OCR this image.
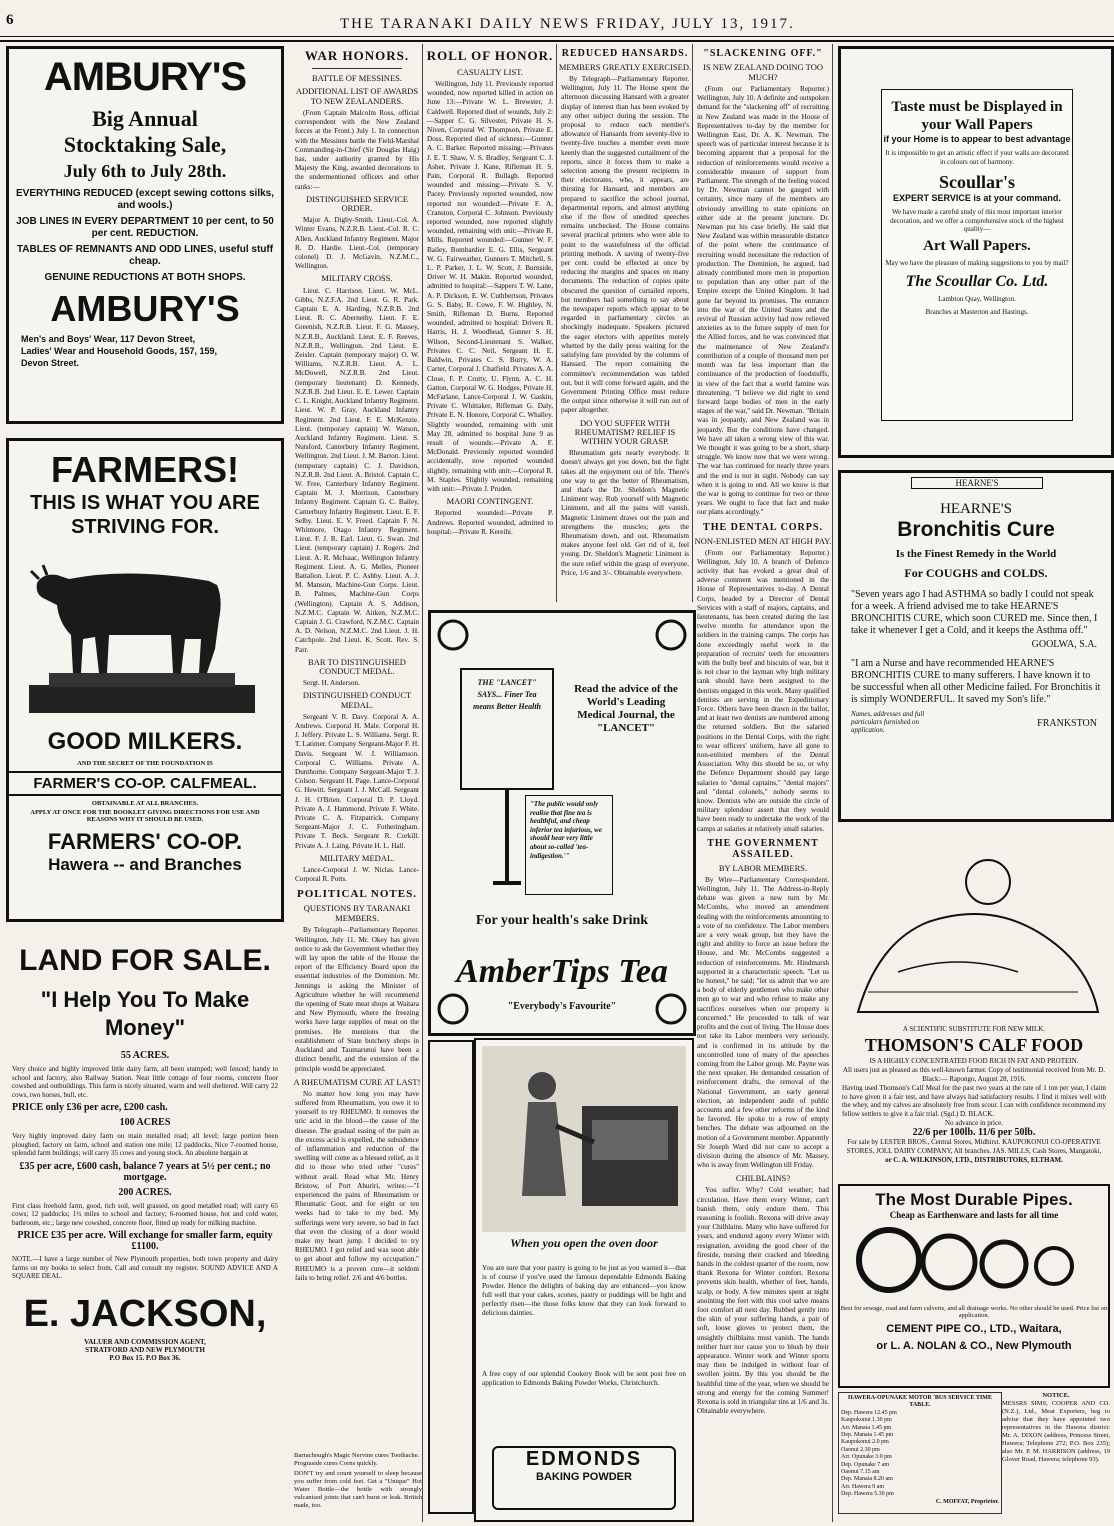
6	THE TARANAKI DAILY NEWS FRIDAY, JULY 13, 1917.
AMBURY'S
Big Annual
Stocktaking Sale,
July 6th to July 28th.
EVERYTHING REDUCED (except sewing cottons silks, and wools.)
JOB LINES IN EVERY DEPARTMENT 10 per cent, to 50 per cent. REDUCTION.
TABLES OF REMNANTS AND ODD LINES, useful stuff cheap.
GENUINE REDUCTIONS AT BOTH SHOPS.
AMBURY'S
Men's and Boys' Wear, 117 Devon Street,
Ladies' Wear and Household Goods, 157, 159,
Devon Street.
FARMERS!
THIS IS WHAT YOU ARE
STRIVING FOR.
GOOD MILKERS.
AND THE SECRET OF THE FOUNDATION IS
FARMER'S CO-OP. CALFMEAL.
OBTAINABLE AT ALL BRANCHES.
APPLY AT ONCE FOR THE BOOKLET GIVING DIRECTIONS FOR USE AND REASONS WHY IT SHOULD BE USED.
FARMERS' CO-OP.
Hawera -- and Branches
LAND FOR SALE.
"I Help You To Make Money"
55 ACRES.
Very choice and highly improved little dairy farm, all been stumped; well fenced; handy to school and factory, also Railway Station. Neat little cottage of four rooms, concrete floor cowshed and outbuildings. This farm is nicely situated, warm and well sheltered. Will carry 22 cows, two horses, bull, etc.
PRICE only £36 per acre, £200 cash.
100 ACRES
Very highly improved dairy farm on main metalled road; all level; large portion been ploughed; factory on farm, school and station one mile; 12 paddocks, Nice 7-roomed house, splendid farm buildings; will carry 35 cows and young stock. An absolute bargain at
£35 per acre, £600 cash, balance 7 years at 5½ per cent.; no mortgage.
200 ACRES.
First class freehold farm, good, rich soil, well grassed, on good metalled road; will carry 65 cows; 12 paddocks; 1½ miles to school and factory; 6-roomed house, hot and cold water, bathroom, etc.; large new cowshed, concrete floor, fitted up ready for milking machine.
PRICE £35 per acre. Will exchange for smaller farm, equity £1100.
NOTE.—I have a large number of New Plymouth properties, both town property and dairy farms on my books to select from. Call and consult my register. SOUND ADVICE AND A SQUARE DEAL.
E. JACKSON,
VALUER AND COMMISSION AGENT,
STRATFORD AND NEW PLYMOUTH
P.O Box 15. P.O Box 36.
WAR HONORS.
BATTLE OF MESSINES.
ADDITIONAL LIST OF AWARDS TO NEW ZEALANDERS.

(From Captain Malcolm Ross, official correspondent with the New Zealand forces at the Front.) July 1. In connection with the Messines battle the Field-Marshal Commanding-in-Chief (Sir Douglas Haig) has, under authority granted by His Majesty the King, awarded decorations to the undermentioned officers and other ranks:—

DISTINGUISHED SERVICE ORDER.

Major A. Digby-Smith. Lieut.-Col. A. Winter Evans, N.Z.R.B. Lieut.-Col. R. C. Allen, Auckland Infantry Regiment. Major R. D. Hardie. Lieut.-Col. (temporary colonel) D. J. McGavin, N.Z.M.C., Wellington.

MILITARY CROSS.

Lieut. C. Harrison. Lieut. W. McL. Gibbs, N.Z.F.A. 2nd Lieut. G. R. Park. Captain E. A. Harding, N.Z.R.B. 2nd Lieut. R. C. Abernethy. Lieut. F. E. Greenish, N.Z.R.B. Lieut. F. G. Massey, N.Z.R.B., Auckland. Lieut. E. F. Reeves, N.Z.R.B., Wellington. 2nd Lieut. E. Zeisler. Captain (temporary major) O. W. Williams, N.Z.R.B. Lieut. A. L. McDowell, N.Z.R.B. 2nd Lieut. (temporary lieutenant) D. Kennedy, N.Z.R.B. 2nd Lieut. E. E. Lewer. Captain C. L. Knight, Auckland Infantry Regiment. Lieut. W. P. Gray, Auckland Infantry Regiment. 2nd Lieut. F. E. McKenzie. Lieut. (temporary captain) W. Watson, Auckland Infantry Regiment. Lieut. S. Nutsford, Canterbury Infantry Regiment, Wellington. 2nd Lieut. J. M. Barton. Lieut. (temporary captain) C. J. Davidson, N.Z.R.B. 2nd Lieut. A. Bristol. Captain C. W. Free, Canterbury Infantry Regiment. Captain M. J. Morrison, Canterbury Infantry Regiment. Captain G. C. Bailey, Canterbury Infantry Regiment. Lieut. E. F. Selby. Lieut. E. V. Freed. Captain F. N. Whitmore, Otago Infantry Regiment. Lieut. F. J. R. Earl. Lieut. G. Swan. 2nd Lieut. (temporary captain) J. Rogers. 2nd Lieut. A. R. McIsaac, Wellington Infantry Regiment. Lieut. A. G. Melles, Pioneer Battalion. Lieut. P. C. Ashby. Lieut. A. J. M. Manson, Machine-Gun Corps. Lieut. B. Palmes, Machine-Gun Corps (Wellington). Captain A. S. Addison, N.Z.M.C. Captain W. Aitken, N.Z.M.C. Captain J. G. Crawford, N.Z.M.C. Captain A. D. Nelson, N.Z.M.C. 2nd Lieut. J. H. Catchpole. 2nd Lieut. K. Scott. Rev. S. Parr.

BAR TO DISTINGUISHED CONDUCT MEDAL.

Sergt. H. Anderson.

DISTINGUISHED CONDUCT MEDAL.

Sergeant V. R. Davy. Corporal A. A. Andrews. Corporal H. Male. Corporal H. J. Jeffery. Private L. S. Williams. Sergt. R. T. Latimer. Company Sergeant-Major F. H. Davis. Sergeant W. J. Williamson. Corporal C. Williams. Private A. Dunthorne. Company Sergeant-Major T. J. Colson. Sergeant H. Page. Lance-Corporal G. Hewitt. Sergeant J. J. McCall. Sergeant J. H. O'Brien. Corporal D. P. Lloyd. Private A. J. Hammond. Private F. White. Private C. A. Fitzpatrick. Company Sergeant-Major J. C. Fotheringham. Private T. Beck. Sergeant R. Corkill. Private A. J. Laing. Private H. L. Hall.

MILITARY MEDAL.

Lance-Corporal J. W. Niclas. Lance-Corporal R. Potts.

POLITICAL NOTES.
QUESTIONS BY TARANAKI MEMBERS.

By Telegraph—Parliamentary Reporter. Wellington, July 11. Mr. Okey has given notice to ask the Government whether they will lay upon the table of the House the report of the Efficiency Board upon the essential industries of the Dominion. Mr. Jennings is asking the Minister of Agriculture whether he will recommend the opening of State meat shops at Waitara and New Plymouth, where the freezing works have large supplies of meat on the premises. He mentions that the establishment of State butchery shops in Auckland and Taumarunui have been a distinct benefit, and the extension of the principle would be appreciated.

A RHEUMATISM CURE AT LAST!

No matter how long you may have suffered from Rheumatism, you owe it to yourself to try RHEUMO. It removes the uric acid in the blood—the cause of the disease. The gradual easing of the pain as the excess acid is expelled, the subsidence of inflammation and reduction of the swelling will come as a blessed relief, as it did to those who tried other "cures" without avail. Read what Mr. Henry Bristow, of Port Ahuriri, writes:—"I experienced the pains of Rheumatism or Rheumatic Gout, and for eight or ten weeks had to take to my bed. My sufferings were very severe, so bad in fact that even the closing of a door would make my heart jump. I decided to try RHEUMO. I got relief and was soon able to get about and follow my occupation." RHEUMO is a proven cure—it seldom fails to bring relief. 2/6 and 4/6 bottles.

ROLL OF HONOR.
CASUALTY LIST.

Wellington, July 11. Previously reported wounded, now reported killed in action on June 13:—Private W. L. Brewster, J. Caldwell. Reported died of wounds, July 2:—Sapper C. G. Silvester, Private H. S. Niven, Corporal W. Thompson, Private E. Doss. Reported died of sickness:—Gunner A. C. Barker. Reported missing:—Privates J. E. T. Shaw, V. S. Bradley, Sergeant C. J. Asher, Private J. Kane, Rifleman H. S. Pain, Corporal R. Bullagh. Reported wounded and missing:—Private S. V. Pacey. Previously reported wounded, now reported not wounded:—Private F. A. Cranston, Corporal C. Johnson. Previously reported wounded, now reported slightly wounded, remaining with unit:—Private R. Mills. Reported wounded:—Gunner W. F. Bailey, Bombardier E. G. Ellis, Sergeant W. G. Fairweather, Gunners T. Mitchell, S. L. P. Parker, J. L. W. Scott, J. Burnside, Driver W. H. Makin. Reported wounded, admitted to hospital:—Sappers T. W. Lane, A. P. Dickson, E. W. Cuthbertson, Privates G. S. Baby, R. Cowe, F. W. Highley, N. Smith, Rifleman D. Burns. Reported wounded, admitted to hospital: Drivers R. Harris, H. J. Woodhead, Gunner S. H. Wilson, Second-Lieutenant S. Walker, Privates C. C. Neil, Sergeant H. E. Baldwin, Privates C. S. Burry, W. A. Carter, Corporal J. Chatfield. Privates A. A. Close, F. P. Crotty, U. Flynn, A. C. H. Gatton, Corporal W. G. Hodges, Private H. McFarlane, Lance-Corporal J. W. Gaskin, Private C. Whittaker, Rifleman G. Daly, Private E. N. Honore, Corporal C. Whalley. Slightly wounded, remaining with unit May 28, admitted to hospital June 9 as result of wounds:—Private A. F. McDonald. Previously reported wounded accidentally, now reported wounded slightly, remaining with unit:—Corporal R. M. Staples. Slightly wounded, remaining with unit:—Private J. Pruden.

MAORI CONTINGENT.

Reported wounded:—Private P. Andrews. Reported wounded, admitted to hospital:—Private R. Kereihi.

REDUCED HANSARDS.
MEMBERS GREATLY EXERCISED.

By Telegraph—Parliamentary Reporter. Wellington, July 11. The House spent the afternoon discussing Hansard with a greater display of interest than has been evoked by any other subject during the session. The proposal to reduce each member's allowance of Hansards from seventy-five to twenty-five touches a member even more keenly than the suggested curtailment of the reports, since it forces them to make a selection among the present recipients in their electorates, who, it appears, are thirsting for Hansard, and members are prepared to sacrifice the school journal, departmental reports, and almost anything else if the flow of unedited speeches remains unchecked. The House contains several practical printers who were able to point to the wastefulness of the official printing methods. A saving of twenty-five per cent. could be effected at once by reducing the margins and spaces on many documents. The reduction of copies quite obscured the question of curtailed reports, but members had something to say about the newspaper reports which appear to be regarded in parliamentary circles as shockingly inadequate. Speakers pictured the eager electors with appetites merely whetted by the daily press waiting for the satisfying fare provided by the columns of Hansard. The report containing the committee's recommendation was tabled out, but it will come forward again, and the Government Printing Office must reduce the output since otherwise it will run out of paper altogether.

DO YOU SUFFER WITH RHEUMATISM? RELIEF IS WITHIN YOUR GRASP.

Rheumatism gets nearly everybody. It doesn't always get you down, but the fight takes all the enjoyment out of life. There's one way to get the better of Rheumatism, and that's the Dr. Sheldon's Magnetic Liniment way. Rub yourself with Magnetic Liniment, and all the pains will vanish. Magnetic Liniment draws out the pain and strengthens the muscles; gets the Rheumatism down, and out. Rheumatism makes anyone feel old. Get rid of it, feel young. Dr. Sheldon's Magnetic Liniment is the sure relief within the grasp of everyone. Price, 1/6 and 3/-. Obtainable everywhere.

THE "LANCET" SAYS... Finer Tea means Better Health
Read the advice of the World's Leading Medical Journal, the "LANCET"
"The public would only realise that fine tea is healthful, and cheap inferior tea injurious, we should hear very little about so-called 'tea-indigestion.'"
For your health's sake Drink
AmberTips Tea
"Everybody's Favourite"
When you open the oven door
You are sure that your pastry is going to be just as you wanted it—that is of course if you've used the famous dependable Edmonds Baking Powder. Hence the delights of baking day are enhanced—you know full well that your cakes, scones, pastry or puddings will be light and perfectly risen—the those folks know that they can look forward to delicious dainties.
A free copy of our splendid Cookery Book will be sent post free on application to Edmonds Baking Powder Works, Christchurch.
EDMONDS
BAKING POWDER
"SLACKENING OFF."
IS NEW ZEALAND DOING TOO MUCH?

(From our Parliamentary Reporter.) Wellington, July 10. A definite and outspoken demand for the "slackening off" of recruiting in New Zealand was made in the House of Representatives to-day by the member for Wellington East, Dr. A. K. Newman. The speech was of particular interest because it is becoming apparent that a proposal for the reduction of reinforcements would receive a considerable measure of support from Parliament. The strength of the feeling voiced by Dr. Newman cannot be gauged with certainty, since many of the members are obviously unwilling to state opinions on either side at the present juncture. Dr. Newman put his case briefly. He said that New Zealand was within measurable distance of the point where the continuance of recruiting would necessitate the reduction of production. The Dominion, he argued, had already contributed more men in proportion to population than any other part of the Empire except the United Kingdom. It had gone far beyond its promises. The entrance into the war of the United States and the revival of Russian activity had now relieved anxieties as to the future supply of men for the Allied forces, and he was convinced that the maintenance of New Zealand's contribution of a couple of thousand men per month was far less important than the continuance of the production of foodstuffs, in view of the fact that a world famine was threatening. "I believe we did right to send forward large bodies of men in the early stages of the war," said Dr. Newman. "Britain was in jeopardy, and New Zealand was in jeopardy. But the conditions have changed. We have all taken a wrong view of this war. We thought it was going to be a short, sharp struggle. We know now that we were wrong. The war has continued for nearly three years and the end is not in sight. Nobody can say when it is going to end. All we know is that the war is going to continue for two or three years. We ought to face that fact and make our plans accordingly."

THE DENTAL CORPS.
NON-ENLISTED MEN AT HIGH PAY.

(From our Parliamentary Reporter.) Wellington, July 10. A branch of Defence activity that has evoked a great deal of adverse comment was mentioned in the House of Representatives to-day. A Dental Corps, headed by a Director of Dental Services with a staff of majors, captains, and lieutenants, has been created during the last twelve months for attendance upon the soldiers in the training camps. The corps has done exceedingly useful work in the preparation of recruits' teeth for encounters with the bully beef and biscuits of war, but it is not clear to the layman why high military rank should have been assigned to the dentists engaged in this work. Many qualified dentists are serving in the Expeditionary Force. Others have been drawn in the ballot, and at least two dentists are numbered among the returned soldiers. But the salaried positions in the Dental Corps, with the right to wear officers' uniform, have all gone to non-enlisted members of the Dental Association. Why this should be so, or why the Defence Department should pay large salaries to "dental captains," "dental majors" and "dental colonels," nobody seems to know. Dentists who are outside the circle of military splendour assert that they would have been ready to undertake the work of the camps at salaries at relatively small salaries.

THE GOVERNMENT ASSAILED.
BY LABOR MEMBERS.

By Wire—Parliamentary Correspondent. Wellington, July 11. The Address-in-Reply debate was given a new turn by Mr. McCombs, who moved an amendment dealing with the reinforcements amounting to a vote of no confidence. The Labor members are a very weak group, but they have the right and ability to force an issue before the House, and Mr. McCombs suggested a reduction of reinforcements. Mr. Hindmarsh supported in a characteristic speech. "Let us be honest," he said; "let us admit that we are a body of elderly gentlemen who make other men go to war and who refuse to make any sacrifices ourselves when our property is concerned." He proceeded to talk of war profits and the cost of living. The House does not take its Labor members very seriously, and is confirmed in its attitude by the uncontrolled tone of many of the speeches coming from the Labor group. Mr. Payne was the next speaker. He demanded cessation of reinforcement drafts, the removal of the National Government, an early general election, an independent audit of public accounts and a few other reforms of the kind he favored. He spoke to a row of empty benches. The debate was adjourned on the motion of a Government member. Apparently Sir Joseph Ward did not care to accept a division during the absence of Mr. Massey, who is away from Wellington till Friday.

CHILBLAINS?

You suffer. Why? Cold weather; bad circulation. Have them every Winter, can't banish them, only endure them. This reasoning is foolish. Rexona will drive away your Chilblains. Many who have suffered for years, and endured agony every Winter with resignation, avoiding the good cheer of the fireside, nursing their cracked and bleeding hands in the coldest quarter of the room, now thank Rexona for Winter comfort. Rexona prevents skin health, whether of feet, hands, scalp, or body. A few minutes spent at night anointing the feet with this cool salve means foot comfort all next day. Rubbed gently into the skin of your suffering hands, a pair of soft, loose gloves to protect them, the unsightly chilblains must vanish. The hands neither hurt nor cause you to blush by their appearance. Winter work and Winter sports may then be indulged in without fear of swollen joints. By this you should be the healthful time of the year, when we should be strong and energy for the coming Summer! Rexona is sold in triangular tins at 1/6 and 3s. Obtainable everywhere.

Taste must be Displayed in your Wall Papers
if your Home is to appear to best advantage
It is impossible to get an artistic effect if your walls are decorated in colours out of harmony.
Scoullar's
EXPERT SERVICE is at your command.
We have made a careful study of this most important interior decoration, and we offer a comprehensive stock of the highest quality—
Art Wall Papers.
May we have the pleasure of making suggestions to you by mail?
The Scoullar Co. Ltd.
Lambton Quay, Wellington.
Branches at Masterton and Hastings.
HEARNE'S
HEARNE'S
Bronchitis Cure
Is the Finest Remedy in the World
For COUGHS and COLDS.
"Seven years ago I had ASTHMA so badly I could not speak for a week. A friend advised me to take HEARNE'S BRONCHITIS CURE, which soon CURED me. Since then, I take it whenever I get a Cold, and it keeps the Asthma off."
GOOLWA, S.A.
"I am a Nurse and have recommended HEARNE'S BRONCHITIS CURE to many sufferers. I have known it to be successful when all other Medicine failed. For Bronchitis it is simply WONDERFUL. It saved my Son's life."
Names, addresses and full particulars furnished on application.
FRANKSTON
A SCIENTIFIC SUBSTITUTE FOR NEW MILK.
THOMSON'S CALF FOOD
IS A HIGHLY CONCENTRATED FOOD RICH IN FAT AND PROTEIN.
All users just as pleased as this well-known farmer. Copy of testimonial received from Mr. D. Black:— Rapongo, August 28, 1916.
Having used Thomson's Calf Meal for the past two years at the rate of 1 ton per year, I claim to have given it a fair test, and have always had satisfactory results. I find it mixes well with the whey, and my calves are absolutely free from scour. I can with confidence recommend my fellow settlers to give it a fair trial. (Sgd.) D. BLACK.
No advance in price.
22/6 per 100lb. 11/6 per 50lb.
For sale by LESTER BROS., Central Stores, Midhirst. KAUPOKONUI CO-OPERATIVE STORES, JOLL DAIRY COMPANY, All branches. JAS. MILLS, Cash Stores, Mangatoki,
or C. A. WILKINSON, LTD., DISTRIBUTORS, ELTHAM.
The Most Durable Pipes.
Cheap as Earthenware and lasts for all time
Best for sewage, road and farm culverts, and all drainage works. No other should be used. Price list on application.
CEMENT PIPE CO., LTD., Waitara,
or L. A. NOLAN & CO., New Plymouth
HAWERA-OPUNAKE MOTOR 'BUS SERVICE TIME TABLE.
Dep. Hawera 12.45 pm
Kaupokonui 1.30 pm
Arr. Manaia 1.45 pm
Dep. Manaia 1.45 pm
Kaupokonui 2.0 pm
Oaonui 2.30 pm
Arr. Opunake 3.0 pm
Dep. Opunake 7 am
Oaonui 7.15 am
Dep. Manaia 8.20 am
Arr. Hawera 9 am
Dep. Hawera 5.30 pm
C. MOFFAT, Proprietor.
NOTICE.
MESSRS SIMS, COOPER AND CO. (N.Z.), Ltd., Meat Exporters, beg to advise that they have appointed two representatives in the Hawera district: Mr. A. DIXON (address, Princess Street, Hawera; Telephone 272; P.O. Box 235); also Mr. P. M. HARRISON (address, 19 Glover Road, Hawera; telephone 93).
DON'T try and count yourself to sleep because you suffer from cold feet. Get a "Unique" Hot Water Bottle—the bottle with strongly vulcanised joints that can't burst or leak. British made, too.
Barrachough's Magic Nervine cures Toothache. Prograside cures Corns quickly.
